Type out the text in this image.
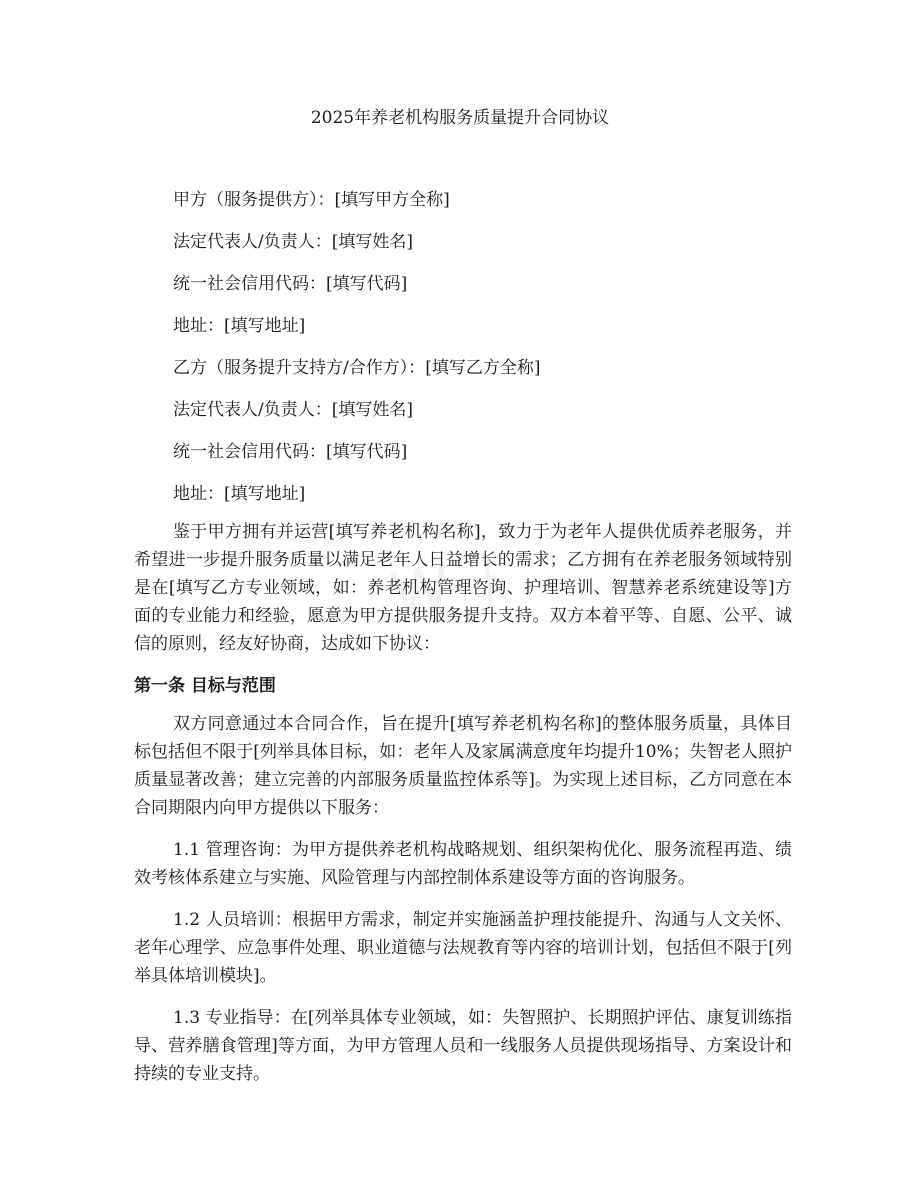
W ﾄ
2025年养老机构服务质量提升合同协议
甲方（服务提供方）：[填写甲方全称]
法定代表人/负责人：[填写姓名]
统一社会信用代码：[填写代码]
地址：[填写地址]
乙方（服务提升支持方/合作方）：[填写乙方全称]
法定代表人/负责人：[填写姓名]
统一社会信用代码：[填写代码]
地址：[填写地址]

鉴于甲方拥有并运营[填写养老机构名称]，致力于为老年人提供优质养老服务，并希望进一步提升服务质量以满足老年人日益增长的需求；乙方拥有在养老服务领域特别是在[填写乙方专业领域，如：养老机构管理咨询、护理培训、智慧养老系统建设等]方面的专业能力和经验，愿意为甲方提供服务提升支持。双方本着平等、自愿、公平、诚信的原则，经友好协商，达成如下协议：

第一条 目标与范围

双方同意通过本合同合作，旨在提升[填写养老机构名称]的整体服务质量，具体目标包括但不限于[列举具体目标，如：老年人及家属满意度年均提升10%；失智老人照护质量显著改善；建立完善的内部服务质量监控体系等]。为实现上述目标，乙方同意在本合同期限内向甲方提供以下服务：

1.1 管理咨询：为甲方提供养老机构战略规划、组织架构优化、服务流程再造、绩效考核体系建立与实施、风险管理与内部控制体系建设等方面的咨询服务。

1.2 人员培训：根据甲方需求，制定并实施涵盖护理技能提升、沟通与人文关怀、老年心理学、应急事件处理、职业道德与法规教育等内容的培训计划，包括但不限于[列举具体培训模块]。

1.3 专业指导：在[列举具体专业领域，如：失智照护、长期照护评估、康复训练指导、营养膳食管理]等方面，为甲方管理人员和一线服务人员提供现场指导、方案设计和持续的专业支持。
